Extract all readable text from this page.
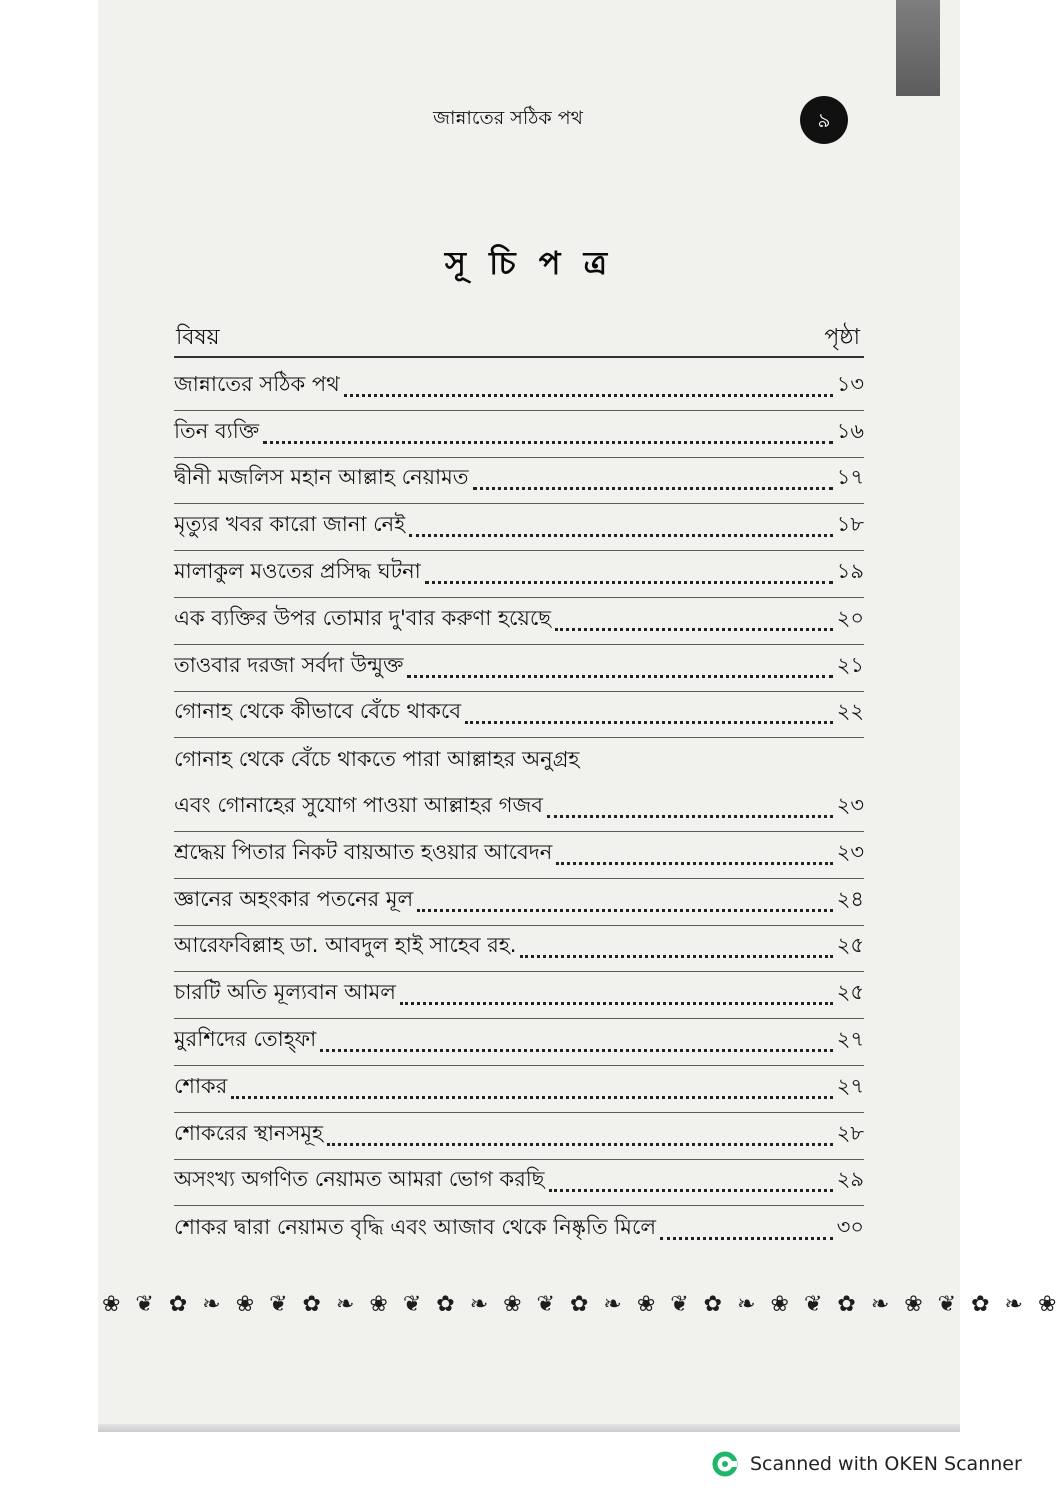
৯
জান্নাতের সঠিক পথ
সূ চি প ত্র
বিষয়	পৃষ্ঠা
জান্নাতের সঠিক পথ	১৩
তিন ব্যক্তি	১৬
দ্বীনী মজলিস মহান আল্লাহ নেয়ামত	১৭
মৃত্যুর খবর কারো জানা নেই	১৮
মালাকুল মওতের প্রসিদ্ধ ঘটনা	১৯
এক ব্যক্তির উপর তোমার দু'বার করুণা হয়েছে	২০
তাওবার দরজা সর্বদা উন্মুক্ত	২১
গোনাহ থেকে কীভাবে বেঁচে থাকবে	২২
গোনাহ থেকে বেঁচে থাকতে পারা আল্লাহর অনুগ্রহ
এবং গোনাহের সুযোগ পাওয়া আল্লাহর গজব	২৩
শ্রদ্ধেয় পিতার নিকট বায়আত হওয়ার আবেদন	২৩
জ্ঞানের অহংকার পতনের মূল	২৪
আরেফবিল্লাহ ডা. আবদুল হাই সাহেব রহ.	২৫
চারটি অতি মূল্যবান আমল	২৫
মুরশিদের তোহ্ফা	২৭
শোকর	২৭
শোকরের স্থানসমূহ	২৮
অসংখ্য অগণিত নেয়ামত আমরা ভোগ করছি	২৯
শোকর দ্বারা নেয়ামত বৃদ্ধি এবং আজাব থেকে নিষ্কৃতি মিলে	৩০
❀ ❦ ✿ ❧ ❀ ❦ ✿ ❧ ❀ ❦ ✿ ❧ ❀ ❦ ✿ ❧ ❀ ❦ ✿ ❧ ❀ ❦ ✿ ❧ ❀ ❦ ✿ ❧ ❀
Scanned with OKEN Scanner
